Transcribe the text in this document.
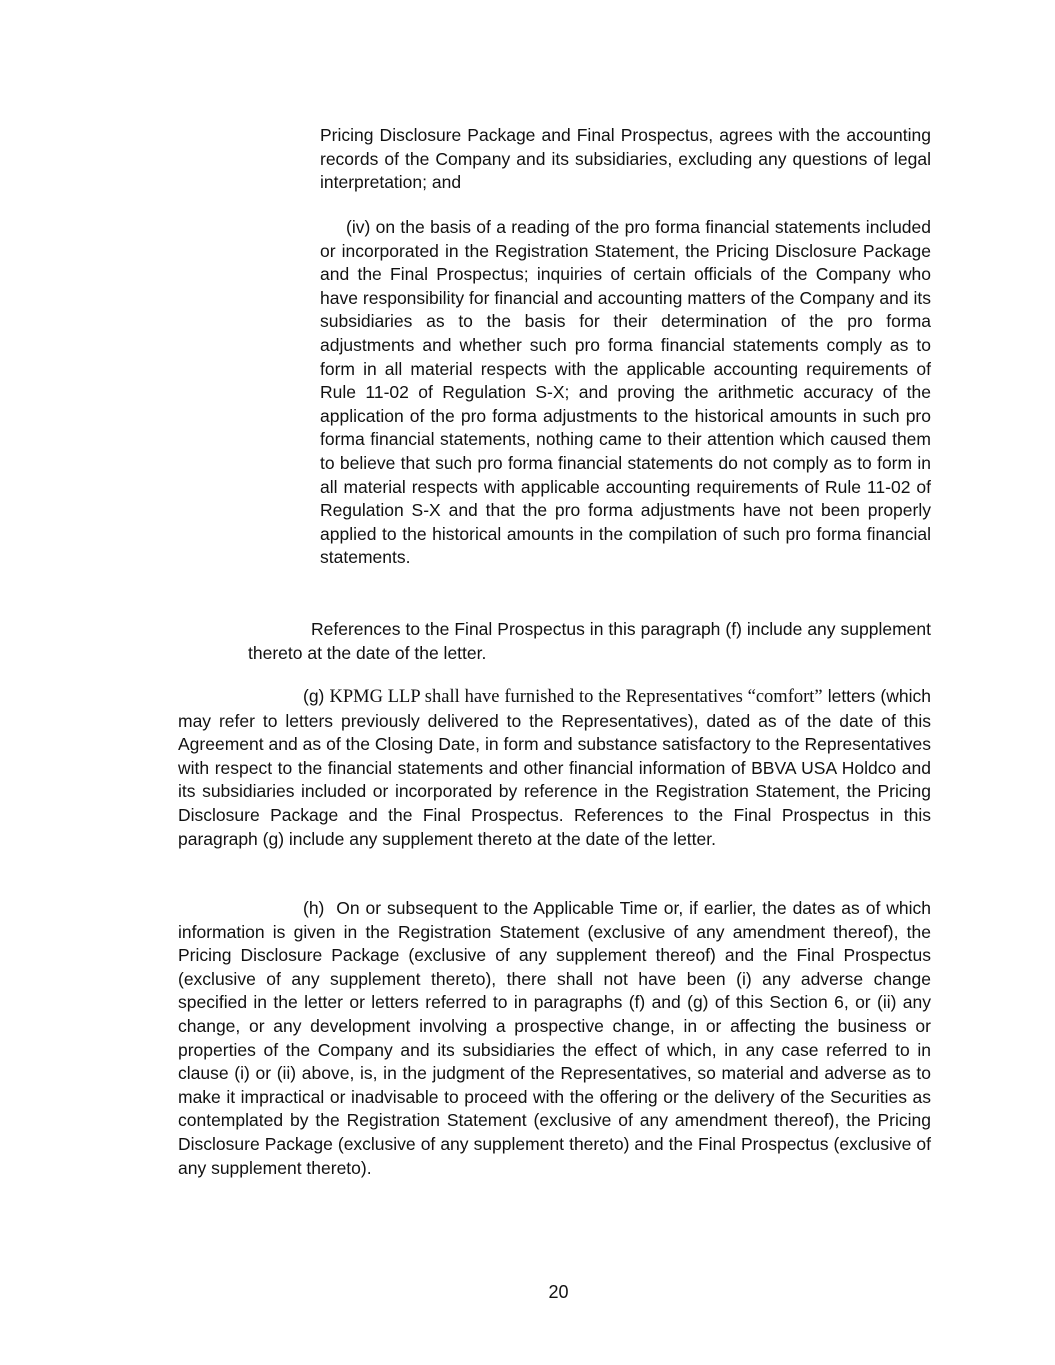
Pricing Disclosure Package and Final Prospectus, agrees with the accounting records of the Company and its subsidiaries, excluding any questions of legal interpretation; and

(iv) on the basis of a reading of the pro forma financial statements included or incorporated in the Registration Statement, the Pricing Disclosure Package and the Final Prospectus; inquiries of certain officials of the Company who have responsibility for financial and accounting matters of the Company and its subsidiaries as to the basis for their determination of the pro forma adjustments and whether such pro forma financial statements comply as to form in all material respects with the applicable accounting requirements of Rule 11-02 of Regulation S-X; and proving the arithmetic accuracy of the application of the pro forma adjustments to the historical amounts in such pro forma financial statements, nothing came to their attention which caused them to believe that such pro forma financial statements do not comply as to form in all material respects with applicable accounting requirements of Rule 11-02 of Regulation S-X and that the pro forma adjustments have not been properly applied to the historical amounts in the compilation of such pro forma financial statements.

References to the Final Prospectus in this paragraph (f) include any supplement thereto at the date of the letter.

(g) KPMG LLP shall have furnished to the Representatives “comfort” letters (which may refer to letters previously delivered to the Representatives), dated as of the date of this Agreement and as of the Closing Date, in form and substance satisfactory to the Representatives with respect to the financial statements and other financial information of BBVA USA Holdco and its subsidiaries included or incorporated by reference in the Registration Statement, the Pricing Disclosure Package and the Final Prospectus. References to the Final Prospectus in this paragraph (g) include any supplement thereto at the date of the letter.

(h)  On or subsequent to the Applicable Time or, if earlier, the dates as of which information is given in the Registration Statement (exclusive of any amendment thereof), the Pricing Disclosure Package (exclusive of any supplement thereof) and the Final Prospectus (exclusive of any supplement thereto), there shall not have been (i) any adverse change specified in the letter or letters referred to in paragraphs (f) and (g) of this Section 6, or (ii) any change, or any development involving a prospective change, in or affecting the business or properties of the Company and its subsidiaries the effect of which, in any case referred to in clause (i) or (ii) above, is, in the judgment of the Representatives, so material and adverse as to make it impractical or inadvisable to proceed with the offering or the delivery of the Securities as contemplated by the Registration Statement (exclusive of any amendment thereof), the Pricing Disclosure Package (exclusive of any supplement thereto) and the Final Prospectus (exclusive of any supplement thereto).

20
